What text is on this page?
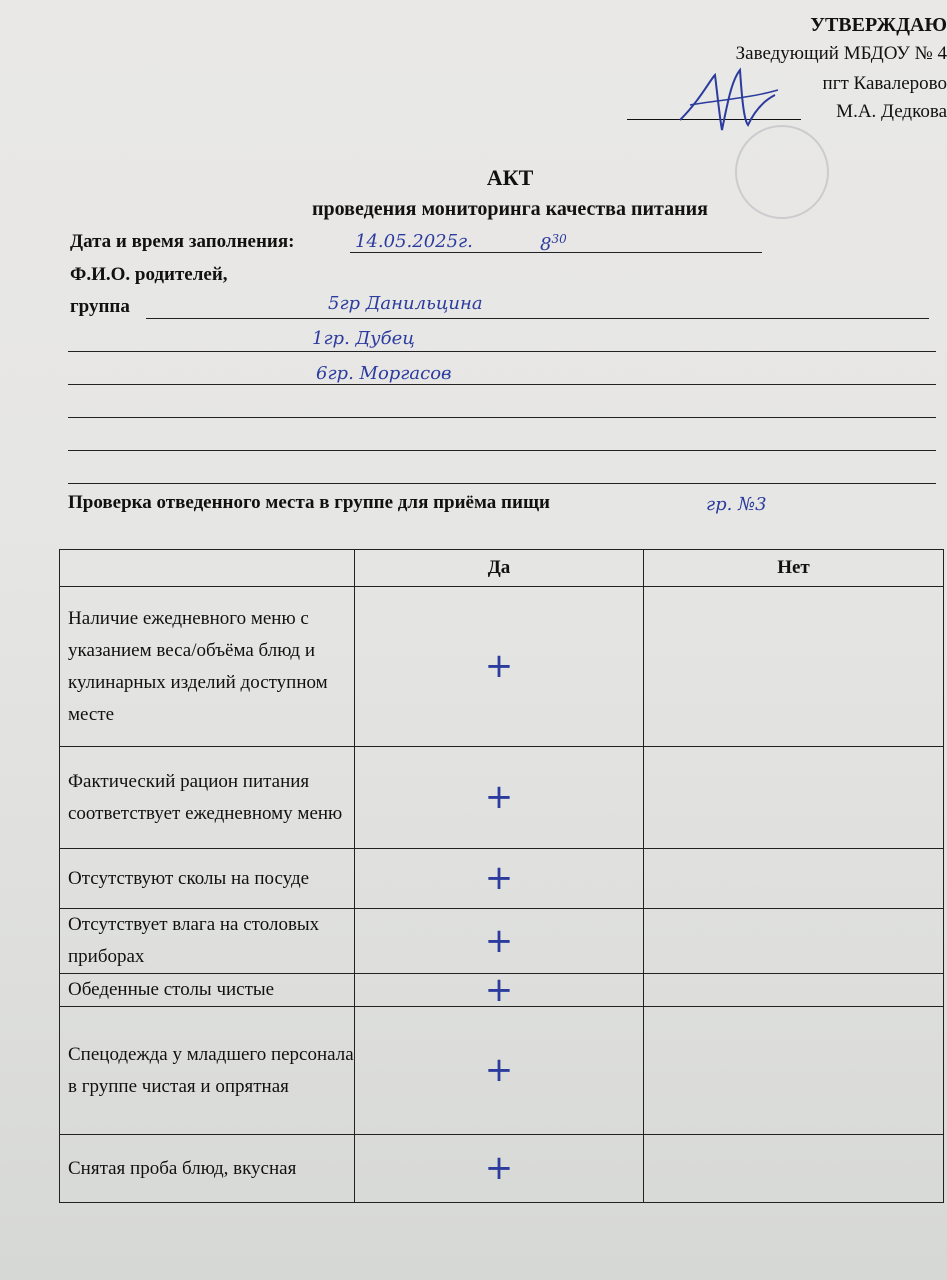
УТВЕРЖДАЮ
Заведующий МБДОУ № 4
пгт Кавалерово
М.А. Дедкова
АКТ
проведения мониторинга качества питания
Дата и время заполнения:	14.05.2025г.	$8^{30}$
Ф.И.О. родителей,
группа	5гр Данильцина
1гр. Дубец
6гр. Моргасов
Проверка отведенного места в группе для приёма пищи	гр. №3
	Да	Нет
Наличие ежедневного меню с указанием веса/объёма блюд и кулинарных изделий доступном месте	+	
Фактический рацион питания соответствует ежедневному меню	+	
Отсутствуют сколы на посуде	+	
Отсутствует влага на столовых приборах	+	
Обеденные столы чистые	+	
Спецодежда у младшего персонала в группе чистая и опрятная	+	
Снятая проба блюд, вкусная	+	
